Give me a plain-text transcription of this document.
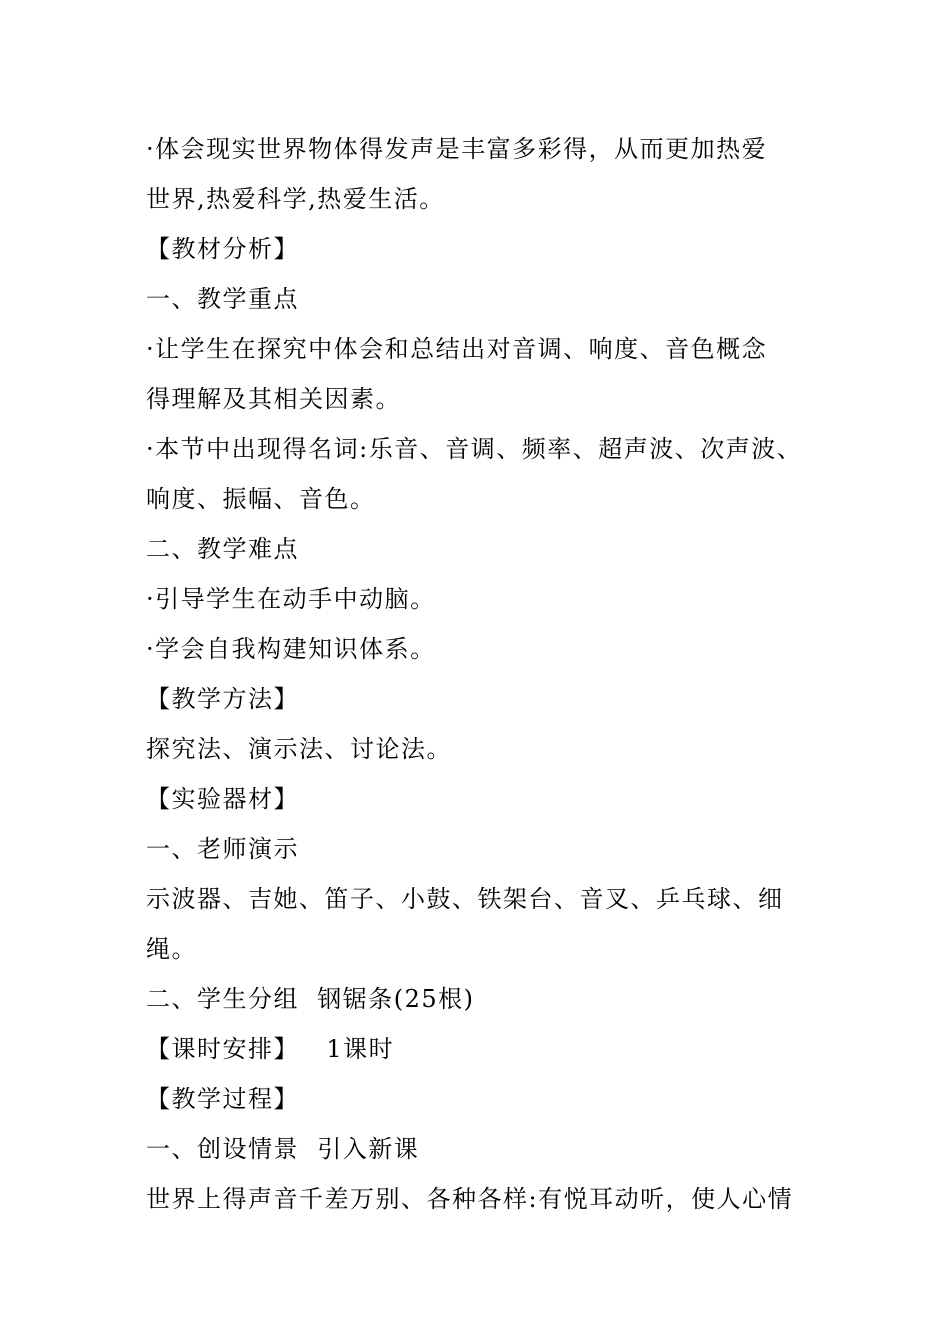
·体会现实世界物体得发声是丰富多彩得，从而更加热爱
世界,热爱科学,热爱生活。
【教材分析】
一、教学重点
·让学生在探究中体会和总结出对音调、响度、音色概念
得理解及其相关因素。
·本节中出现得名词:乐音、音调、频率、超声波、次声波、
响度、振幅、音色。
二、教学难点
·引导学生在动手中动脑。
·学会自我构建知识体系。
【教学方法】
探究法、演示法、讨论法。
【实验器材】
一、老师演示
示波器、吉她、笛子、小鼓、铁架台、音叉、乒乓球、细
绳。
二、学生分组  钢锯条(25根)
【课时安排】   1课时
【教学过程】
一、创设情景  引入新课
世界上得声音千差万别、各种各样:有悦耳动听，使人心情
